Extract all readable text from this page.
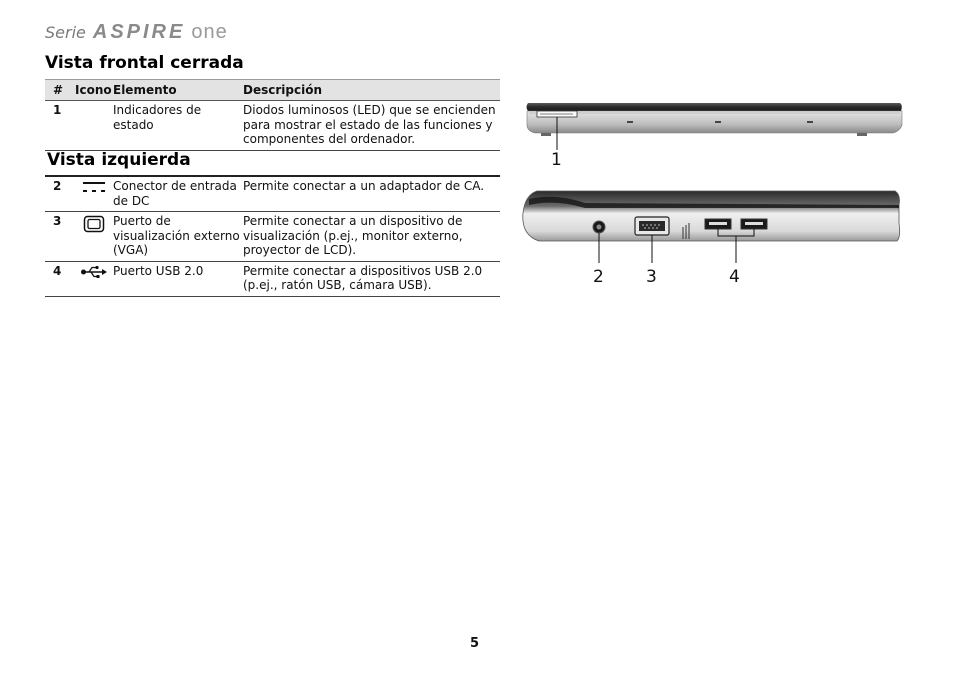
Serie ASPIRE one
Vista frontal cerrada
#	Icono	Elemento	Descripción
1		Indicadores de estado	Diodos luminosos (LED) que se encienden para mostrar el estado de las funciones y componentes del ordenador.
Vista izquierda
2		Conector de entrada de DC	Permite conectar a un adaptador de CA.
3		Puerto de visualización externo (VGA)	Permite conectar a un dispositivo de visualización (p.ej., monitor externo, proyector de LCD).
4		Puerto USB 2.0	Permite conectar a dispositivos USB 2.0 (p.ej., ratón USB, cámara USB).
1
2 3	4
5
